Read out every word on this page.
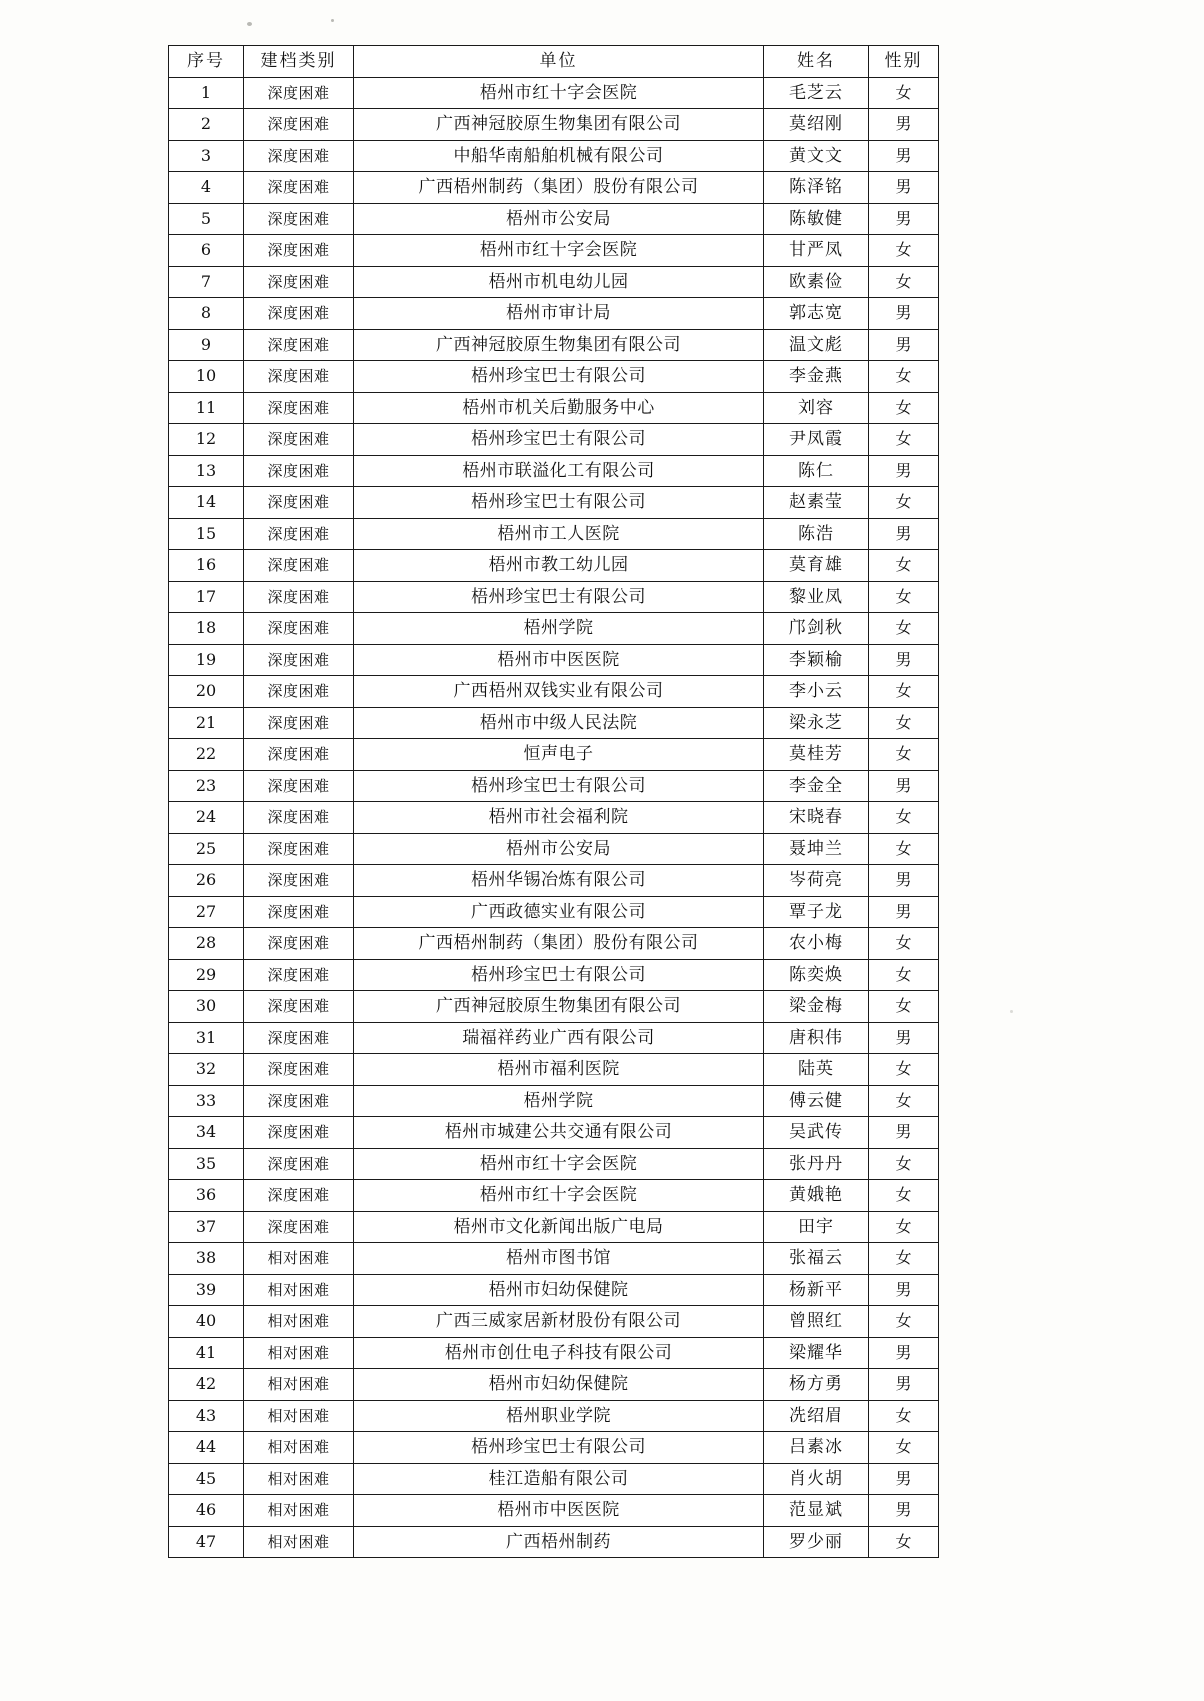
序号	建档类别	单位	姓名	性别
1	深度困难	梧州市红十字会医院	毛芝云	女
2	深度困难	广西神冠胶原生物集团有限公司	莫绍刚	男
3	深度困难	中船华南船舶机械有限公司	黄文文	男
4	深度困难	广西梧州制药（集团）股份有限公司	陈泽铭	男
5	深度困难	梧州市公安局	陈敏健	男
6	深度困难	梧州市红十字会医院	甘严凤	女
7	深度困难	梧州市机电幼儿园	欧素俭	女
8	深度困难	梧州市审计局	郭志宽	男
9	深度困难	广西神冠胶原生物集团有限公司	温文彪	男
10	深度困难	梧州珍宝巴士有限公司	李金燕	女
11	深度困难	梧州市机关后勤服务中心	刘容	女
12	深度困难	梧州珍宝巴士有限公司	尹凤霞	女
13	深度困难	梧州市联溢化工有限公司	陈仁	男
14	深度困难	梧州珍宝巴士有限公司	赵素莹	女
15	深度困难	梧州市工人医院	陈浩	男
16	深度困难	梧州市教工幼儿园	莫育雄	女
17	深度困难	梧州珍宝巴士有限公司	黎业凤	女
18	深度困难	梧州学院	邝剑秋	女
19	深度困难	梧州市中医医院	李颖榆	男
20	深度困难	广西梧州双钱实业有限公司	李小云	女
21	深度困难	梧州市中级人民法院	梁永芝	女
22	深度困难	恒声电子	莫桂芳	女
23	深度困难	梧州珍宝巴士有限公司	李金全	男
24	深度困难	梧州市社会福利院	宋晓春	女
25	深度困难	梧州市公安局	聂坤兰	女
26	深度困难	梧州华锡冶炼有限公司	岑荷亮	男
27	深度困难	广西政德实业有限公司	覃子龙	男
28	深度困难	广西梧州制药（集团）股份有限公司	农小梅	女
29	深度困难	梧州珍宝巴士有限公司	陈奕焕	女
30	深度困难	广西神冠胶原生物集团有限公司	梁金梅	女
31	深度困难	瑞福祥药业广西有限公司	唐积伟	男
32	深度困难	梧州市福利医院	陆英	女
33	深度困难	梧州学院	傅云健	女
34	深度困难	梧州市城建公共交通有限公司	吴武传	男
35	深度困难	梧州市红十字会医院	张丹丹	女
36	深度困难	梧州市红十字会医院	黄娥艳	女
37	深度困难	梧州市文化新闻出版广电局	田宇	女
38	相对困难	梧州市图书馆	张福云	女
39	相对困难	梧州市妇幼保健院	杨新平	男
40	相对困难	广西三威家居新材股份有限公司	曾照红	女
41	相对困难	梧州市创仕电子科技有限公司	梁耀华	男
42	相对困难	梧州市妇幼保健院	杨方勇	男
43	相对困难	梧州职业学院	冼绍眉	女
44	相对困难	梧州珍宝巴士有限公司	吕素冰	女
45	相对困难	桂江造船有限公司	肖火胡	男
46	相对困难	梧州市中医医院	范显斌	男
47	相对困难	广西梧州制药	罗少丽	女
